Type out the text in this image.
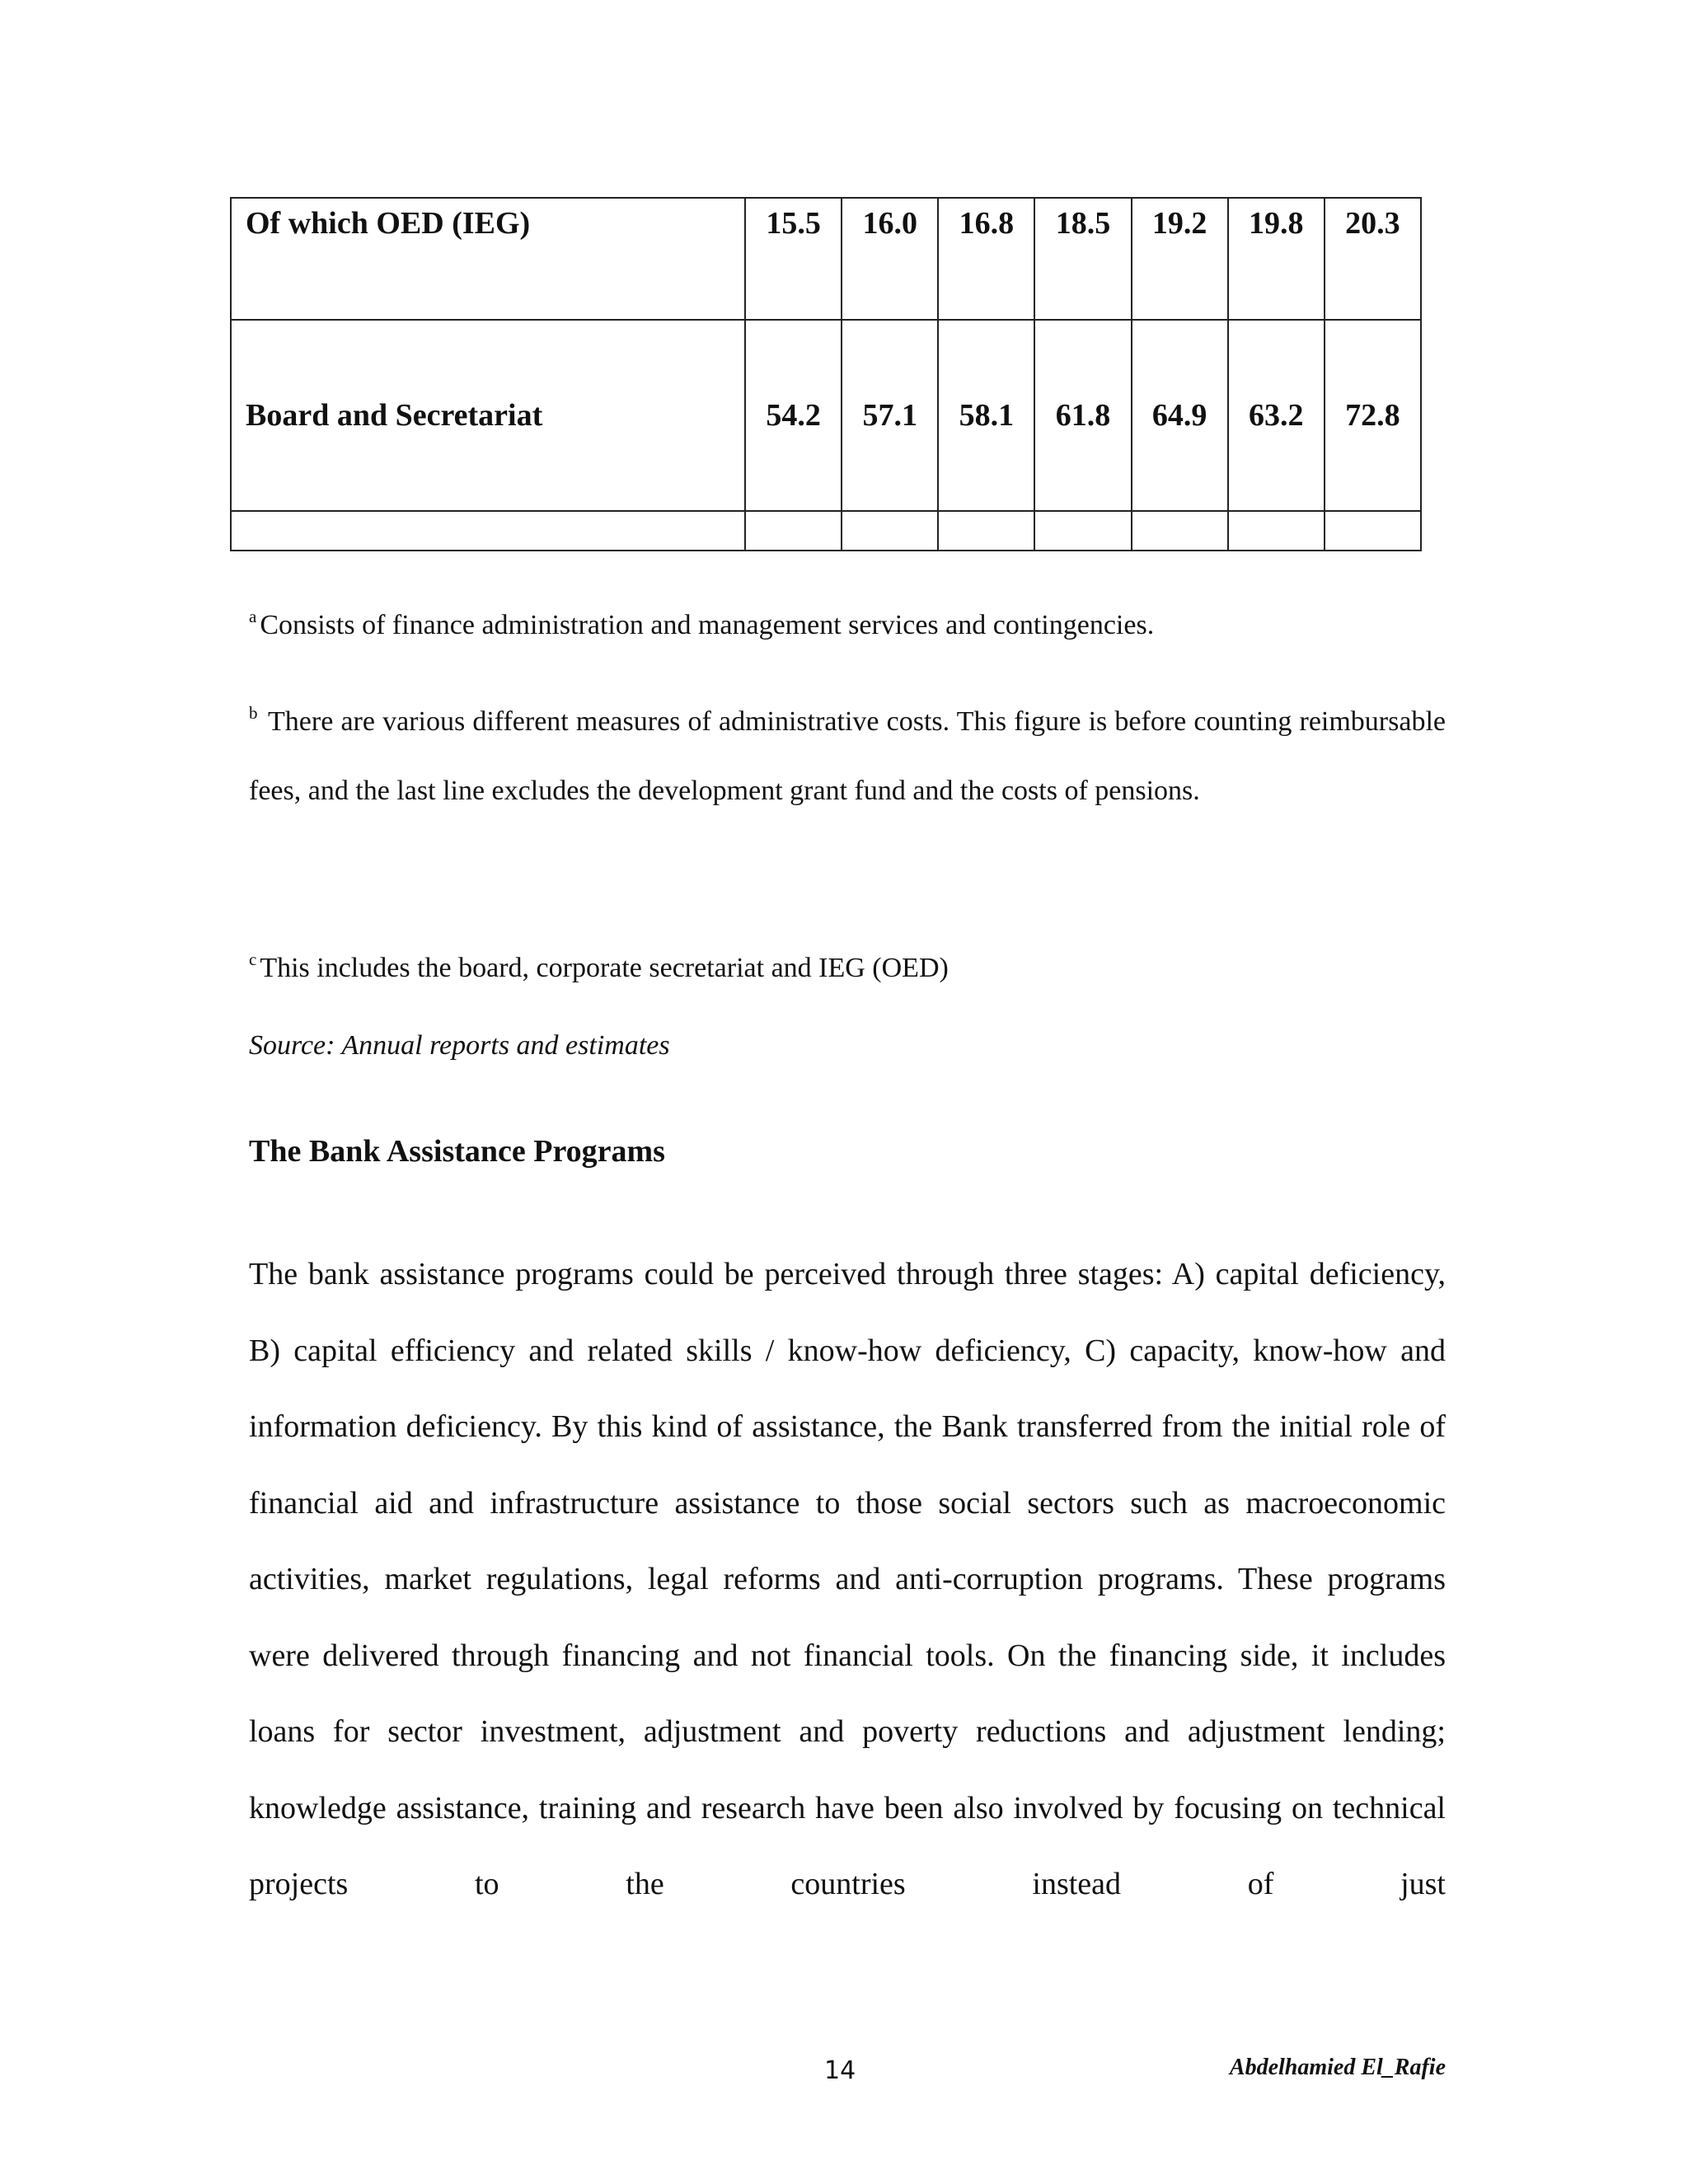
Of which OED (IEG)	15.5	16.0	16.8	18.5	19.2	19.8	20.3
Board and Secretariat	54.2	57.1	58.1	61.8	64.9	63.2	72.8

$^a$ Consists of finance administration and management services and contingencies.
$^b$ There are various different measures of administrative costs. This figure is before counting reimbursable fees, and the last line excludes the development grant fund and the costs of pensions.
$^c$ This includes the board, corporate secretariat and IEG (OED)
Source: Annual reports and estimates
The Bank Assistance Programs

The bank assistance programs could be perceived through three stages: A) capital deficiency, B) capital efficiency and related skills / know-how deficiency, C) capacity, know-how and information deficiency. By this kind of assistance, the Bank transferred from the initial role of financial aid and infrastructure assistance to those social sectors such as macroeconomic activities, market regulations, legal reforms and anti-corruption programs. These programs were delivered through financing and not financial tools. On the financing side, it includes loans for sector investment, adjustment and poverty reductions and adjustment lending; knowledge assistance, training and research have been also involved by focusing on technical projects to the countries instead of just

14	Abdelhamied El_Rafie
